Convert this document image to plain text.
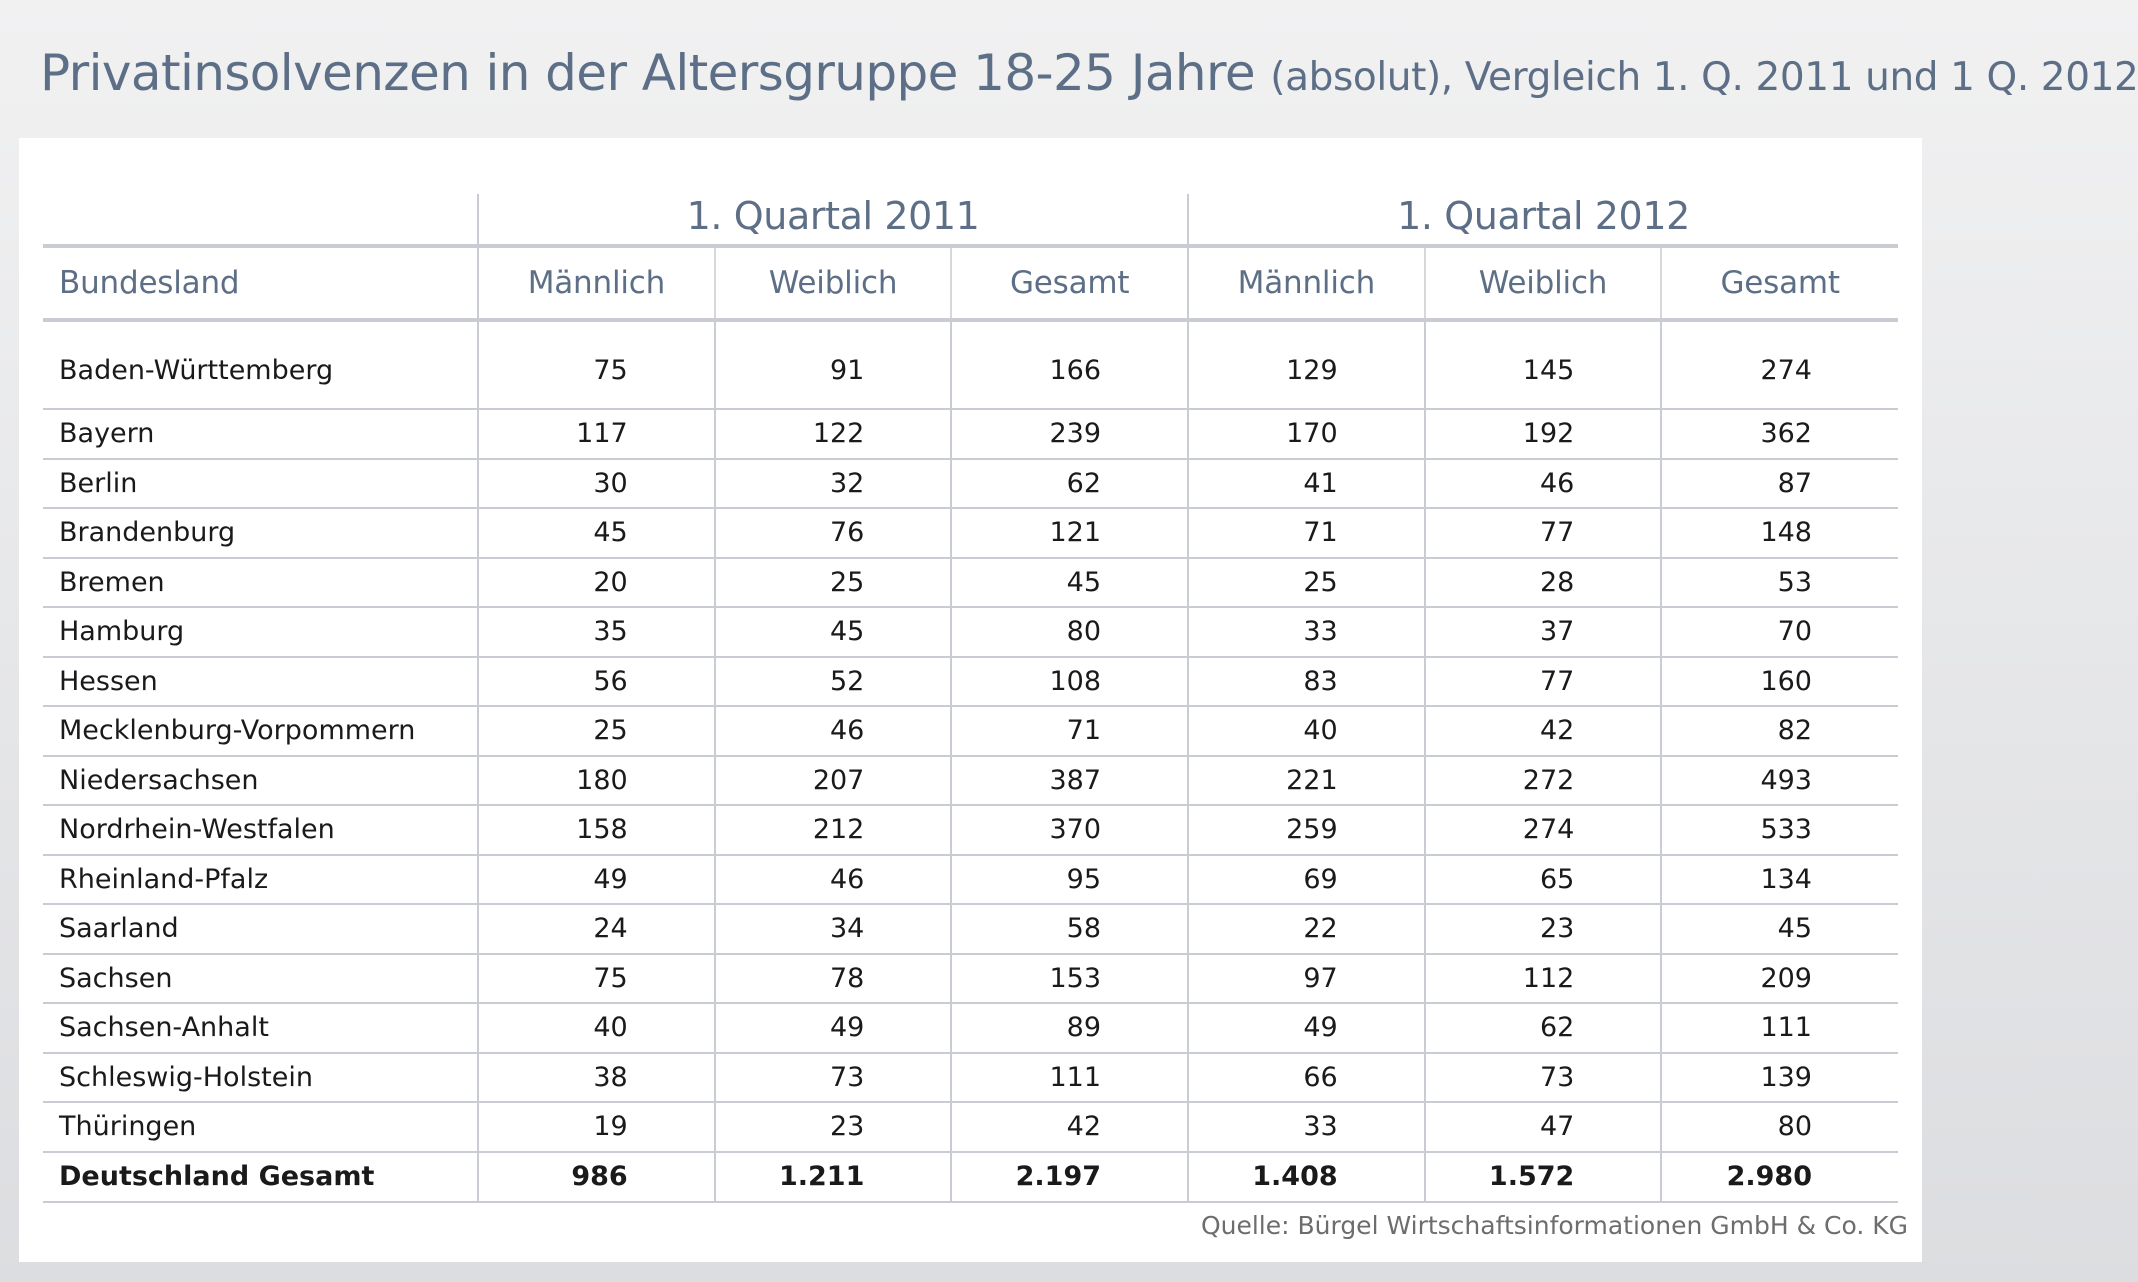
Privatinsolvenzen in der Altersgruppe 18-25 Jahre (absolut), Vergleich 1. Q. 2011 und 1 Q. 2012
	1. Quartal 2011			1. Quartal 2012		
Bundesland	Männlich	Weiblich	Gesamt	Männlich	Weiblich	Gesamt
Baden-Württemberg	75	91	166	129	145	274
Bayern	117	122	239	170	192	362
Berlin	30	32	62	41	46	87
Brandenburg	45	76	121	71	77	148
Bremen	20	25	45	25	28	53
Hamburg	35	45	80	33	37	70
Hessen	56	52	108	83	77	160
Mecklenburg-Vorpommern	25	46	71	40	42	82
Niedersachsen	180	207	387	221	272	493
Nordrhein-Westfalen	158	212	370	259	274	533
Rheinland-Pfalz	49	46	95	69	65	134
Saarland	24	34	58	22	23	45
Sachsen	75	78	153	97	112	209
Sachsen-Anhalt	40	49	89	49	62	111
Schleswig-Holstein	38	73	111	66	73	139
Thüringen	19	23	42	33	47	80
Deutschland Gesamt	986	1.211	2.197	1.408	1.572	2.980
Quelle: Bürgel Wirtschaftsinformationen GmbH & Co. KG
